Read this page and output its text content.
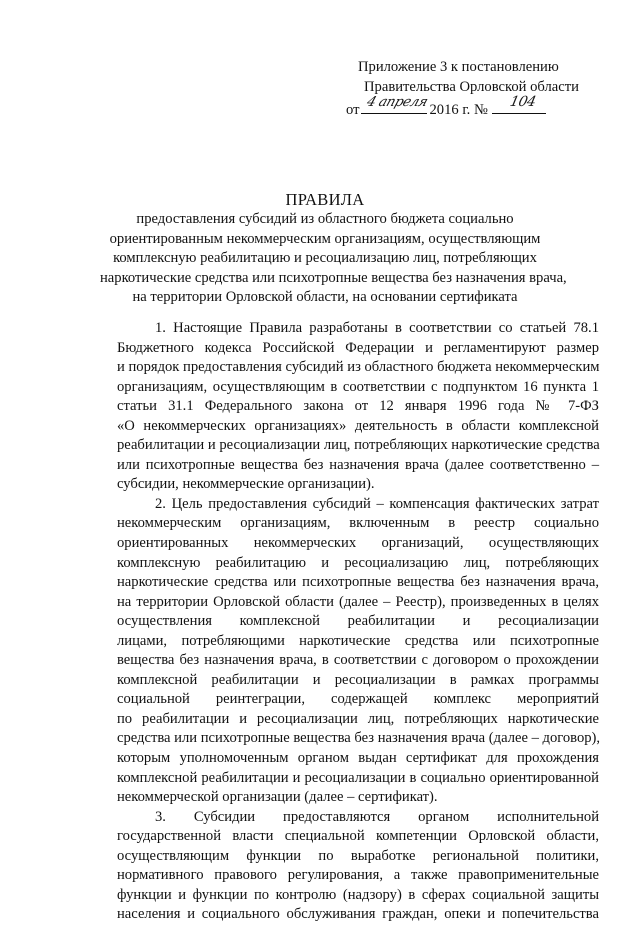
Приложение 3 к постановлению
Правительства Орловской области
от
4 апреля
2016 г. №
104
ПРАВИЛА
предоставления субсидий из областного бюджета социально
ориентированным некоммерческим организациям, осуществляющим
комплексную реабилитацию и ресоциализацию лиц, потребляющих
наркотические средства или психотропные вещества без назначения врача,
на территории Орловской области, на основании сертификата

1. Настоящие Правила разработаны в соответствии со статьей 78.1
Бюджетного кодекса Российской Федерации и регламентируют размер
и порядок предоставления субсидий из областного бюджета некоммерческим
организациям, осуществляющим в соответствии с подпунктом 16 пункта 1
статьи 31.1 Федерального закона от 12 января 1996 года № 7-ФЗ
«О некоммерческих организациях» деятельность в области комплексной
реабилитации и ресоциализации лиц, потребляющих наркотические средства
или психотропные вещества без назначения врача (далее соответственно –
субсидии, некоммерческие организации).

2. Цель предоставления субсидий – компенсация фактических затрат
некоммерческим организациям, включенным в реестр социально
ориентированных некоммерческих организаций, осуществляющих
комплексную реабилитацию и ресоциализацию лиц, потребляющих
наркотические средства или психотропные вещества без назначения врача,
на территории Орловской области (далее – Реестр), произведенных в целях
осуществления комплексной реабилитации и ресоциализации
лицами, потребляющими наркотические средства или психотропные
вещества без назначения врача, в соответствии с договором о прохождении
комплексной реабилитации и ресоциализации в рамках программы
социальной реинтеграции, содержащей комплекс мероприятий
по реабилитации и ресоциализации лиц, потребляющих наркотические
средства или психотропные вещества без назначения врача (далее – договор),
которым уполномоченным органом выдан сертификат для прохождения
комплексной реабилитации и ресоциализации в социально ориентированной
некоммерческой организации (далее – сертификат).

3. Субсидии предоставляются органом исполнительной
государственной власти специальной компетенции Орловской области,
осуществляющим функции по выработке региональной политики,
нормативного правового регулирования, а также правоприменительные
функции и функции по контролю (надзору) в сферах социальной защиты
населения и социального обслуживания граждан, опеки и попечительства
